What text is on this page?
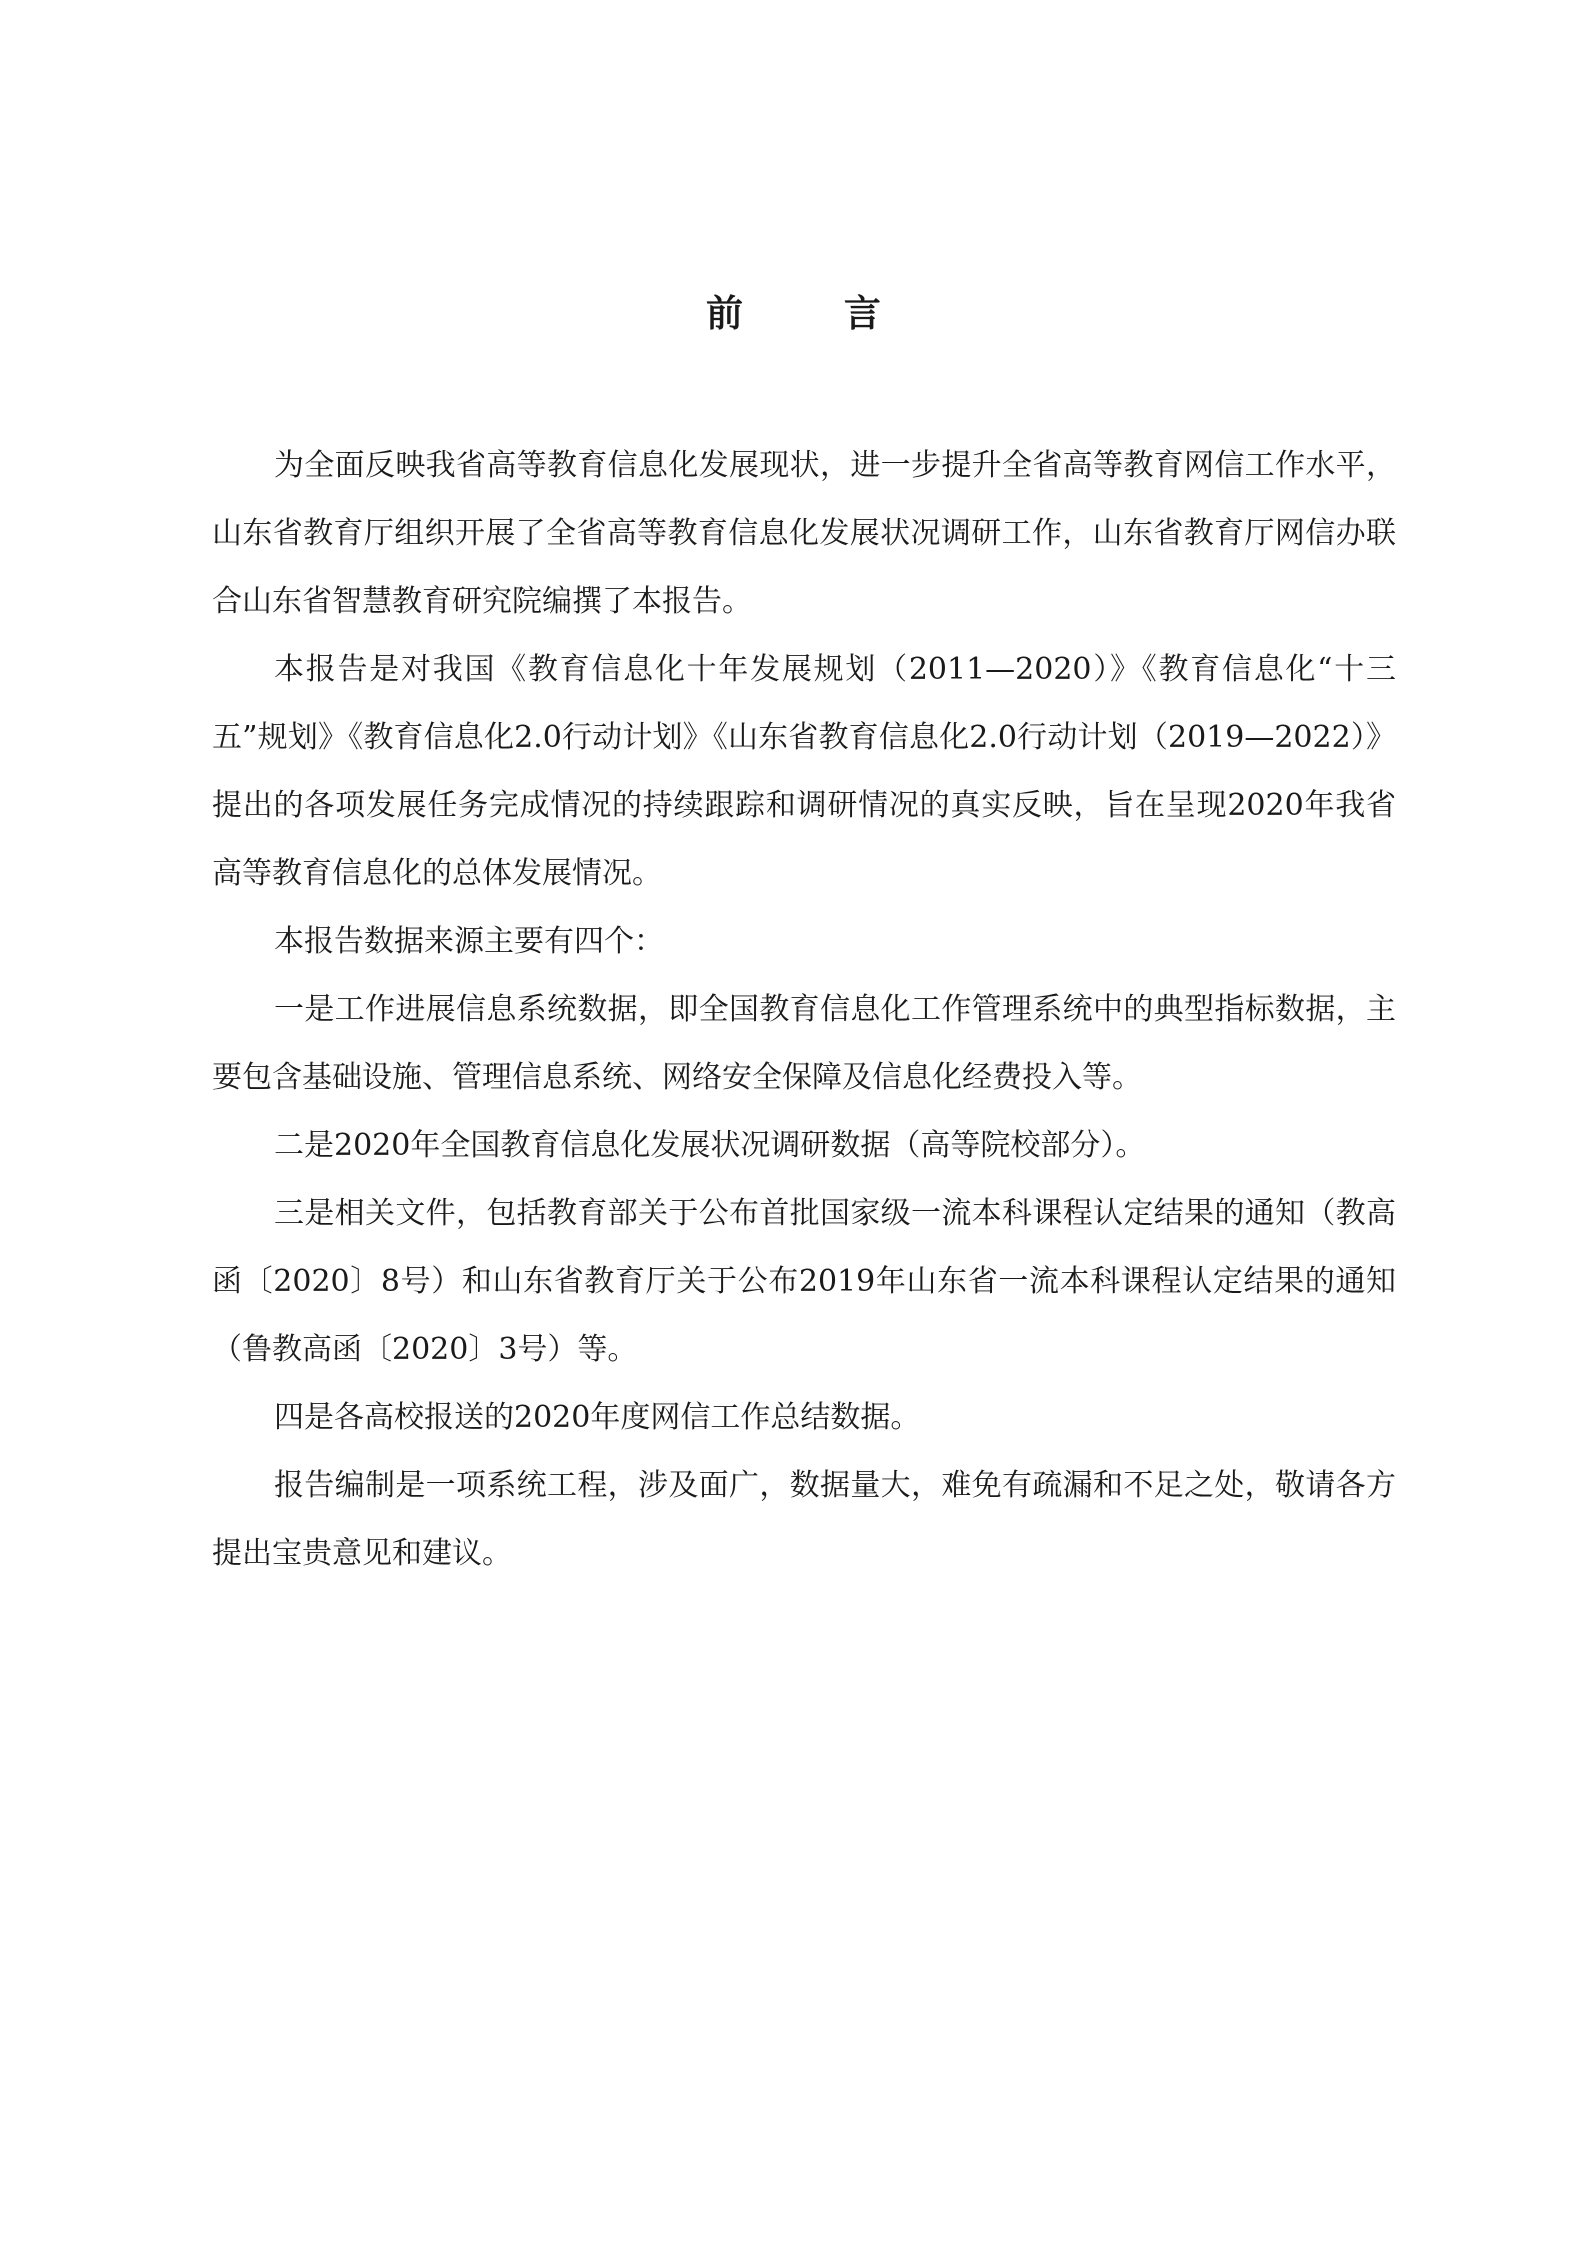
前 言

为全面反映我省高等教育信息化发展现状，进一步提升全省高等教育网信工作水平，山东省教育厅组织开展了全省高等教育信息化发展状况调研工作，山东省教育厅网信办联合山东省智慧教育研究院编撰了本报告。

本报告是对我国《教育信息化十年发展规划（2011—2020）》《教育信息化“十三五”规划》《教育信息化2.0行动计划》《山东省教育信息化2.0行动计划（2019—2022）》提出的各项发展任务完成情况的持续跟踪和调研情况的真实反映，旨在呈现2020年我省高等教育信息化的总体发展情况。

本报告数据来源主要有四个：

一是工作进展信息系统数据，即全国教育信息化工作管理系统中的典型指标数据，主要包含基础设施、管理信息系统、网络安全保障及信息化经费投入等。

二是2020年全国教育信息化发展状况调研数据（高等院校部分）。

三是相关文件，包括教育部关于公布首批国家级一流本科课程认定结果的通知（教高函〔2020〕8号）和山东省教育厅关于公布2019年山东省一流本科课程认定结果的通知（鲁教高函〔2020〕3号）等。

四是各高校报送的2020年度网信工作总结数据。

报告编制是一项系统工程，涉及面广，数据量大，难免有疏漏和不足之处，敬请各方提出宝贵意见和建议。
